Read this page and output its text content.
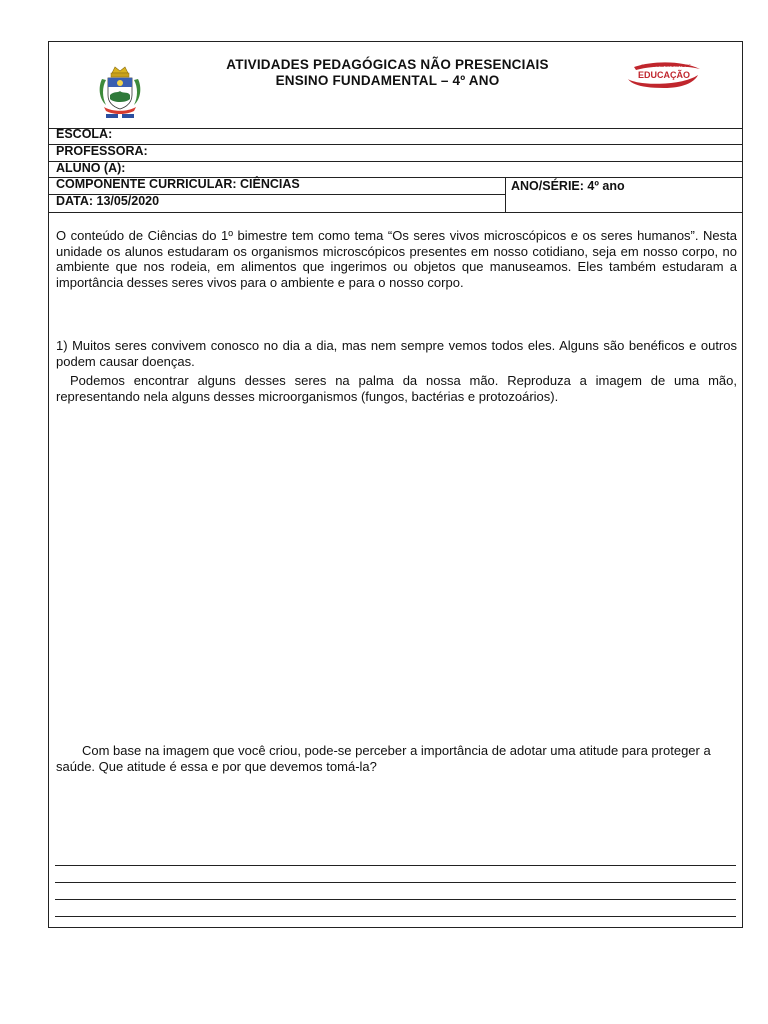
ATIVIDADES PEDAGÓGICAS NÃO PRESENCIAIS
ENSINO FUNDAMENTAL – 4º ANO
SECRETARIA MUNICIPAL DE
EDUCAÇÃO
ESCOLA:
PROFESSORA:
ALUNO (A):
COMPONENTE CURRICULAR: CIÊNCIAS
DATA: 13/05/2020
ANO/SÉRIE: 4º ano
O conteúdo de Ciências do 1º bimestre tem como tema “Os seres vivos microscópicos e os seres humanos”. Nesta unidade os alunos estudaram os organismos microscópicos presentes em nosso cotidiano, seja em nosso corpo, no ambiente que nos rodeia, em alimentos que ingerimos ou objetos que manuseamos. Eles também estudaram a importância desses seres vivos para o ambiente e para o nosso corpo.
1) Muitos seres convivem conosco no dia a dia, mas nem sempre vemos todos eles. Alguns são benéficos e outros podem causar doenças.
Podemos encontrar alguns desses seres na palma da nossa mão. Reproduza a imagem de uma mão, representando nela alguns desses microorganismos (fungos, bactérias e protozoários).
Com base na imagem que você criou, pode-se perceber a importância de adotar uma atitude para proteger a saúde. Que atitude é essa e por que devemos tomá-la?
